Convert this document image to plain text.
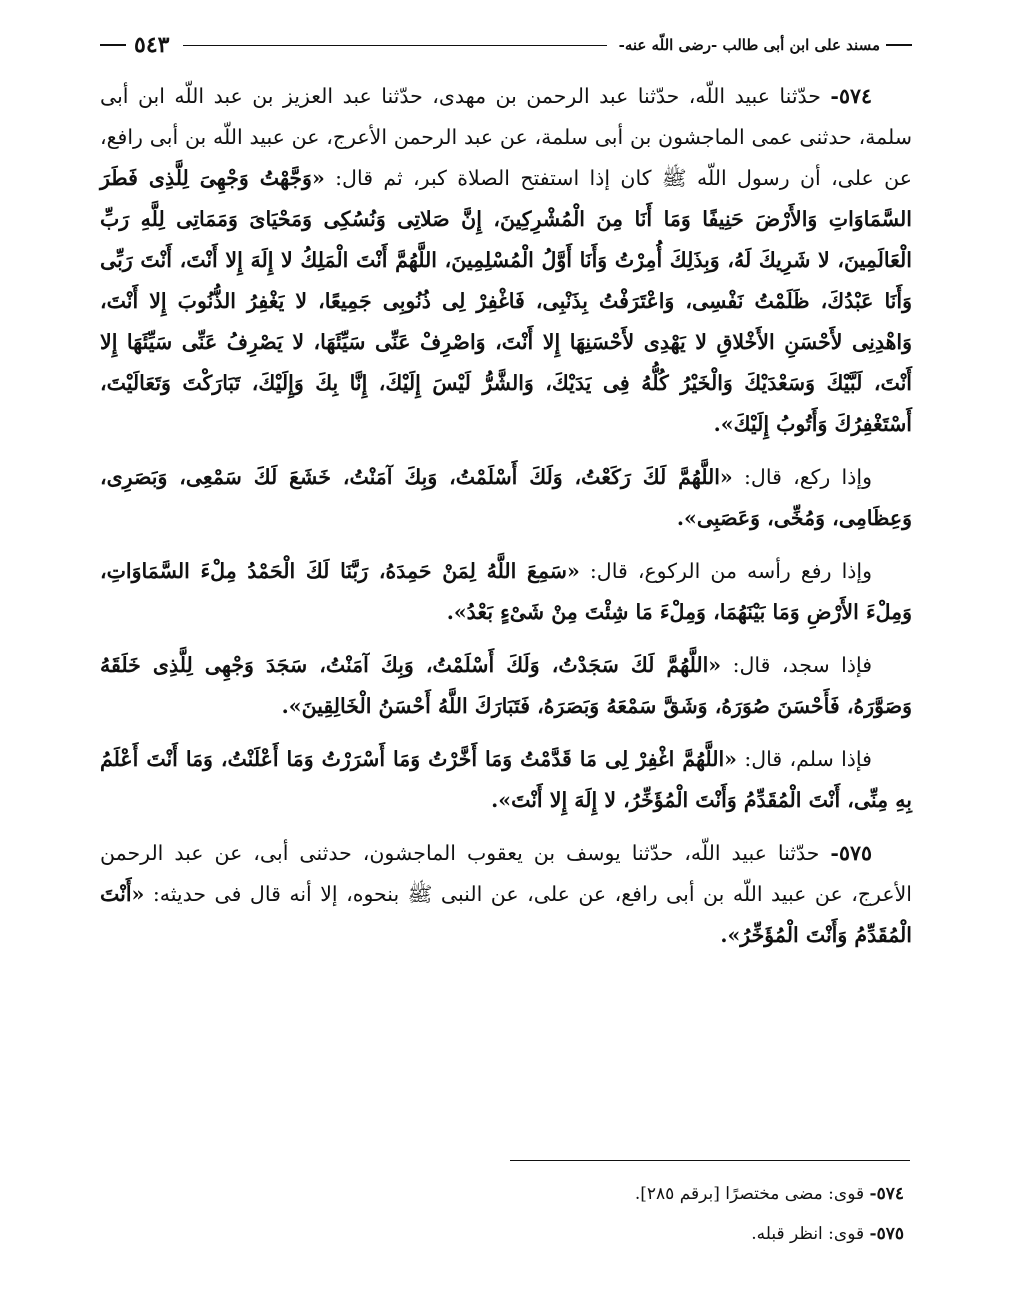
مسند على ابن أبى طالب -رضى اللّه عنه-
٥٤٣

٥٧٤- حدّثنا عبيد اللّه، حدّثنا عبد الرحمن بن مهدى، حدّثنا عبد العزيز بن عبد اللّه ابن أبى سلمة، حدثنى عمى الماجشون بن أبى سلمة، عن عبد الرحمن الأعرج، عن عبيد اللّه بن أبى رافع، عن على، أن رسول اللّه ﷺ كان إذا استفتح الصلاة كبر، ثم قال: «وَجَّهْتُ وَجْهِىَ لِلَّذِى فَطَرَ السَّمَاوَاتِ وَالأَرْضَ حَنِيفًا وَمَا أَنَا مِنَ الْمُشْرِكِينَ، إِنَّ صَلاتِى وَنُسُكِى وَمَحْيَاىَ وَمَمَاتِى لِلَّهِ رَبِّ الْعَالَمِينَ، لا شَرِيكَ لَهُ، وَبِذَلِكَ أُمِرْتُ وَأَنَا أَوَّلُ الْمُسْلِمِينَ، اللَّهُمَّ أَنْتَ الْمَلِكُ لا إِلَهَ إِلا أَنْتَ، أَنْتَ رَبِّى وَأَنَا عَبْدُكَ، ظَلَمْتُ نَفْسِى، وَاعْتَرَفْتُ بِذَنْبِى، فَاغْفِرْ لِى ذُنُوبِى جَمِيعًا، لا يَغْفِرُ الذُّنُوبَ إِلا أَنْتَ، وَاهْدِنِى لأَحْسَنِ الأَخْلاقِ لا يَهْدِى لأَحْسَنِهَا إِلا أَنْتَ، وَاصْرِفْ عَنِّى سَيِّئَهَا، لا يَصْرِفُ عَنِّى سَيِّئَهَا إِلا أَنْتَ، لَبَّيْكَ وَسَعْدَيْكَ وَالْخَيْرُ كُلُّهُ فِى يَدَيْكَ، وَالشَّرُّ لَيْسَ إِلَيْكَ، إِنَّا بِكَ وَإِلَيْكَ، تَبَارَكْتَ وَتَعَالَيْتَ، أَسْتَغْفِرُكَ وَأَتُوبُ إِلَيْكَ».

وإذا ركع، قال: «اللَّهُمَّ لَكَ رَكَعْتُ، وَلَكَ أَسْلَمْتُ، وَبِكَ آمَنْتُ، خَشَعَ لَكَ سَمْعِى، وَبَصَرِى، وَعِظَامِى، وَمُخِّى، وَعَصَبِى».

وإذا رفع رأسه من الركوع، قال: «سَمِعَ اللَّهُ لِمَنْ حَمِدَهُ، رَبَّنَا لَكَ الْحَمْدُ مِلْءَ السَّمَاوَاتِ، وَمِلْءَ الأَرْضِ وَمَا بَيْنَهُمَا، وَمِلْءَ مَا شِئْتَ مِنْ شَىْءٍ بَعْدُ».

فإذا سجد، قال: «اللَّهُمَّ لَكَ سَجَدْتُ، وَلَكَ أَسْلَمْتُ، وَبِكَ آمَنْتُ، سَجَدَ وَجْهِى لِلَّذِى خَلَقَهُ وَصَوَّرَهُ، فَأَحْسَنَ صُوَرَهُ، وَشَقَّ سَمْعَهُ وَبَصَرَهُ، فَتَبَارَكَ اللَّهُ أَحْسَنُ الْخَالِقِينَ».

فإذا سلم، قال: «اللَّهُمَّ اغْفِرْ لِى مَا قَدَّمْتُ وَمَا أَخَّرْتُ وَمَا أَسْرَرْتُ وَمَا أَعْلَنْتُ، وَمَا أَنْتَ أَعْلَمُ بِهِ مِنِّى، أَنْتَ الْمُقَدِّمُ وَأَنْتَ الْمُؤَخِّرُ، لا إِلَهَ إِلا أَنْتَ».

٥٧٥- حدّثنا عبيد اللّه، حدّثنا يوسف بن يعقوب الماجشون، حدثنى أبى، عن عبد الرحمن الأعرج، عن عبيد اللّه بن أبى رافع، عن على، عن النبى ﷺ بنحوه، إلا أنه قال فى حديثه: «أَنْتَ الْمُقَدِّمُ وَأَنْتَ الْمُؤَخِّرُ».

٥٧٤- قوى: مضى مختصرًا [برقم ٢٨٥].
٥٧٥- قوى: انظر قبله.
